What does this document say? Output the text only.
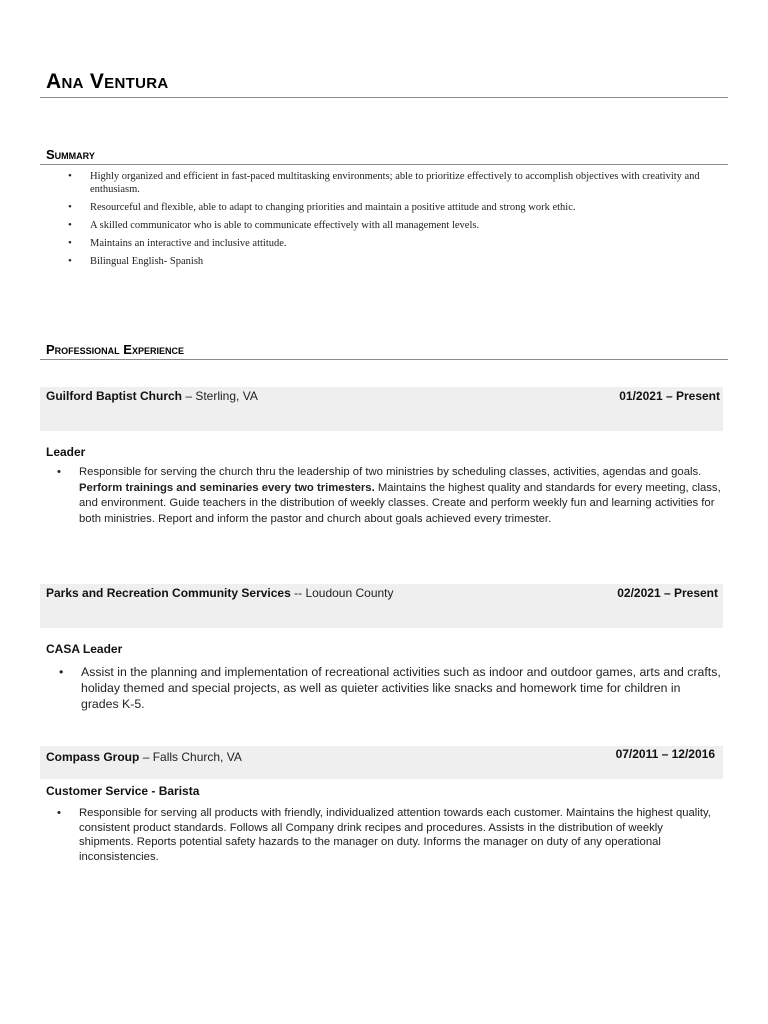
Ana Ventura
Summary
• Highly organized and efficient in fast-paced multitasking environments; able to prioritize effectively to accomplish objectives with creativity and enthusiasm.
• Resourceful and flexible, able to adapt to changing priorities and maintain a positive attitude and strong work ethic.
• A skilled communicator who is able to communicate effectively with all management levels.
• Maintains an interactive and inclusive attitude.
• Bilingual English- Spanish
Professional Experience
Guilford Baptist Church – Sterling, VA	01/2021 – Present
Leader
• Responsible for serving the church thru the leadership of two ministries by scheduling classes, activities, agendas and goals. Perform trainings and seminaries every two trimesters. Maintains the highest quality and standards for every meeting, class, and environment. Guide teachers in the distribution of weekly classes. Create and perform weekly fun and learning activities for both ministries. Report and inform the pastor and church about goals achieved every trimester.
Parks and Recreation Community Services -- Loudoun County	02/2021 – Present
CASA Leader
• Assist in the planning and implementation of recreational activities such as indoor and outdoor games, arts and crafts, holiday themed and special projects, as well as quieter activities like snacks and homework time for children in grades K-5.
Compass Group – Falls Church, VA	07/2011 – 12/2016
Customer Service - Barista
• Responsible for serving all products with friendly, individualized attention towards each customer. Maintains the highest quality, consistent product standards. Follows all Company drink recipes and procedures. Assists in the distribution of weekly shipments. Reports potential safety hazards to the manager on duty. Informs the manager on duty of any operational inconsistencies.
